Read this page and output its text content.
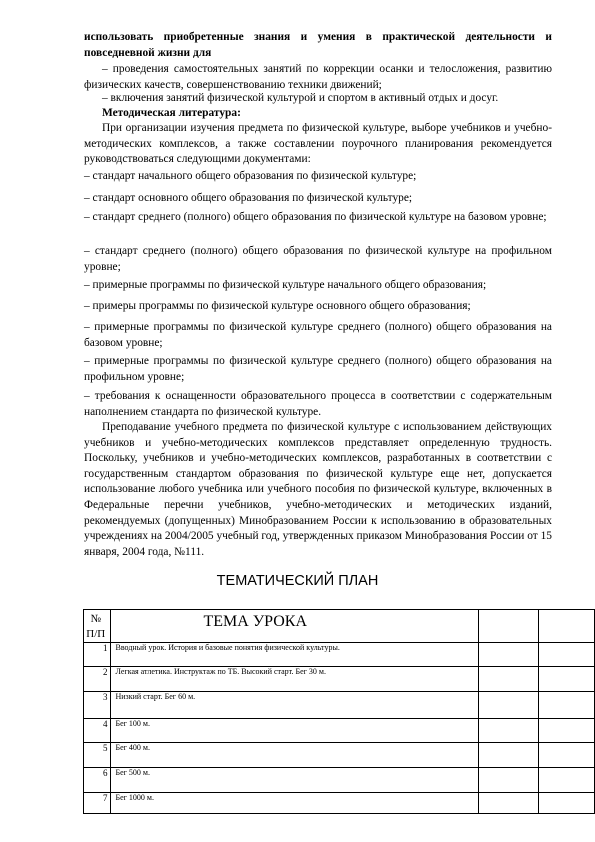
использовать приобретенные знания и умения в практической деятельности и повседневной жизни для

– проведения самостоятельных занятий по коррекции осанки и телосложения, развитию физических качеств, совершенствованию техники движений;

– включения занятий физической культурой и спортом в активный отдых и досуг.

Методическая литература:

При организации изучения предмета по физической культуре, выборе учебников и учебно-методических комплексов, а также составлении поурочного планирования рекомендуется руководствоваться следующими документами:

– стандарт начального общего образования по физической культуре;

– стандарт основного общего образования по физической культуре;

– стандарт среднего (полного) общего образования по физической культуре на базовом уровне;

– стандарт среднего (полного) общего образования по физической культуре на профильном уровне;

– примерные программы по физической культуре начального общего образования;

– примеры программы по физической культуре основного общего образования;

– примерные программы по физической культуре среднего (полного) общего образования на базовом уровне;

– примерные программы по физической культуре среднего (полного) общего образования на профильном уровне;

– требования к оснащенности образовательного процесса в соответствии с содержательным наполнением стандарта по физической культуре.

Преподавание учебного предмета по физической культуре с использованием действующих учебников и учебно-методических комплексов представляет определенную трудность. Поскольку, учебников и учебно-методических комплексов, разработанных в соответствии с государственным стандартом образования по физической культуре еще нет, допускается использование любого учебника или учебного пособия по физической культуре, включенных в Федеральные перечни учебников, учебно-методических и методических изданий, рекомендуемых (допущенных) Минобразованием России к использованию в образовательных учреждениях на 2004/2005 учебный год, утвержденных приказом Минобразования России от 15 января, 2004 года, №111.

ТЕМАТИЧЕСКИЙ ПЛАН
№ П/П	ТЕМА УРОКА		
1	Вводный урок. История и базовые понятия физической культуры.		
2	Легкая атлетика. Инструктаж по ТБ. Высокий старт. Бег 30 м.		
3	Низкий старт. Бег 60 м.		
4	Бег 100 м.		
5	Бег 400 м.		
6	Бег 500 м.		
7	Бег 1000 м.		
